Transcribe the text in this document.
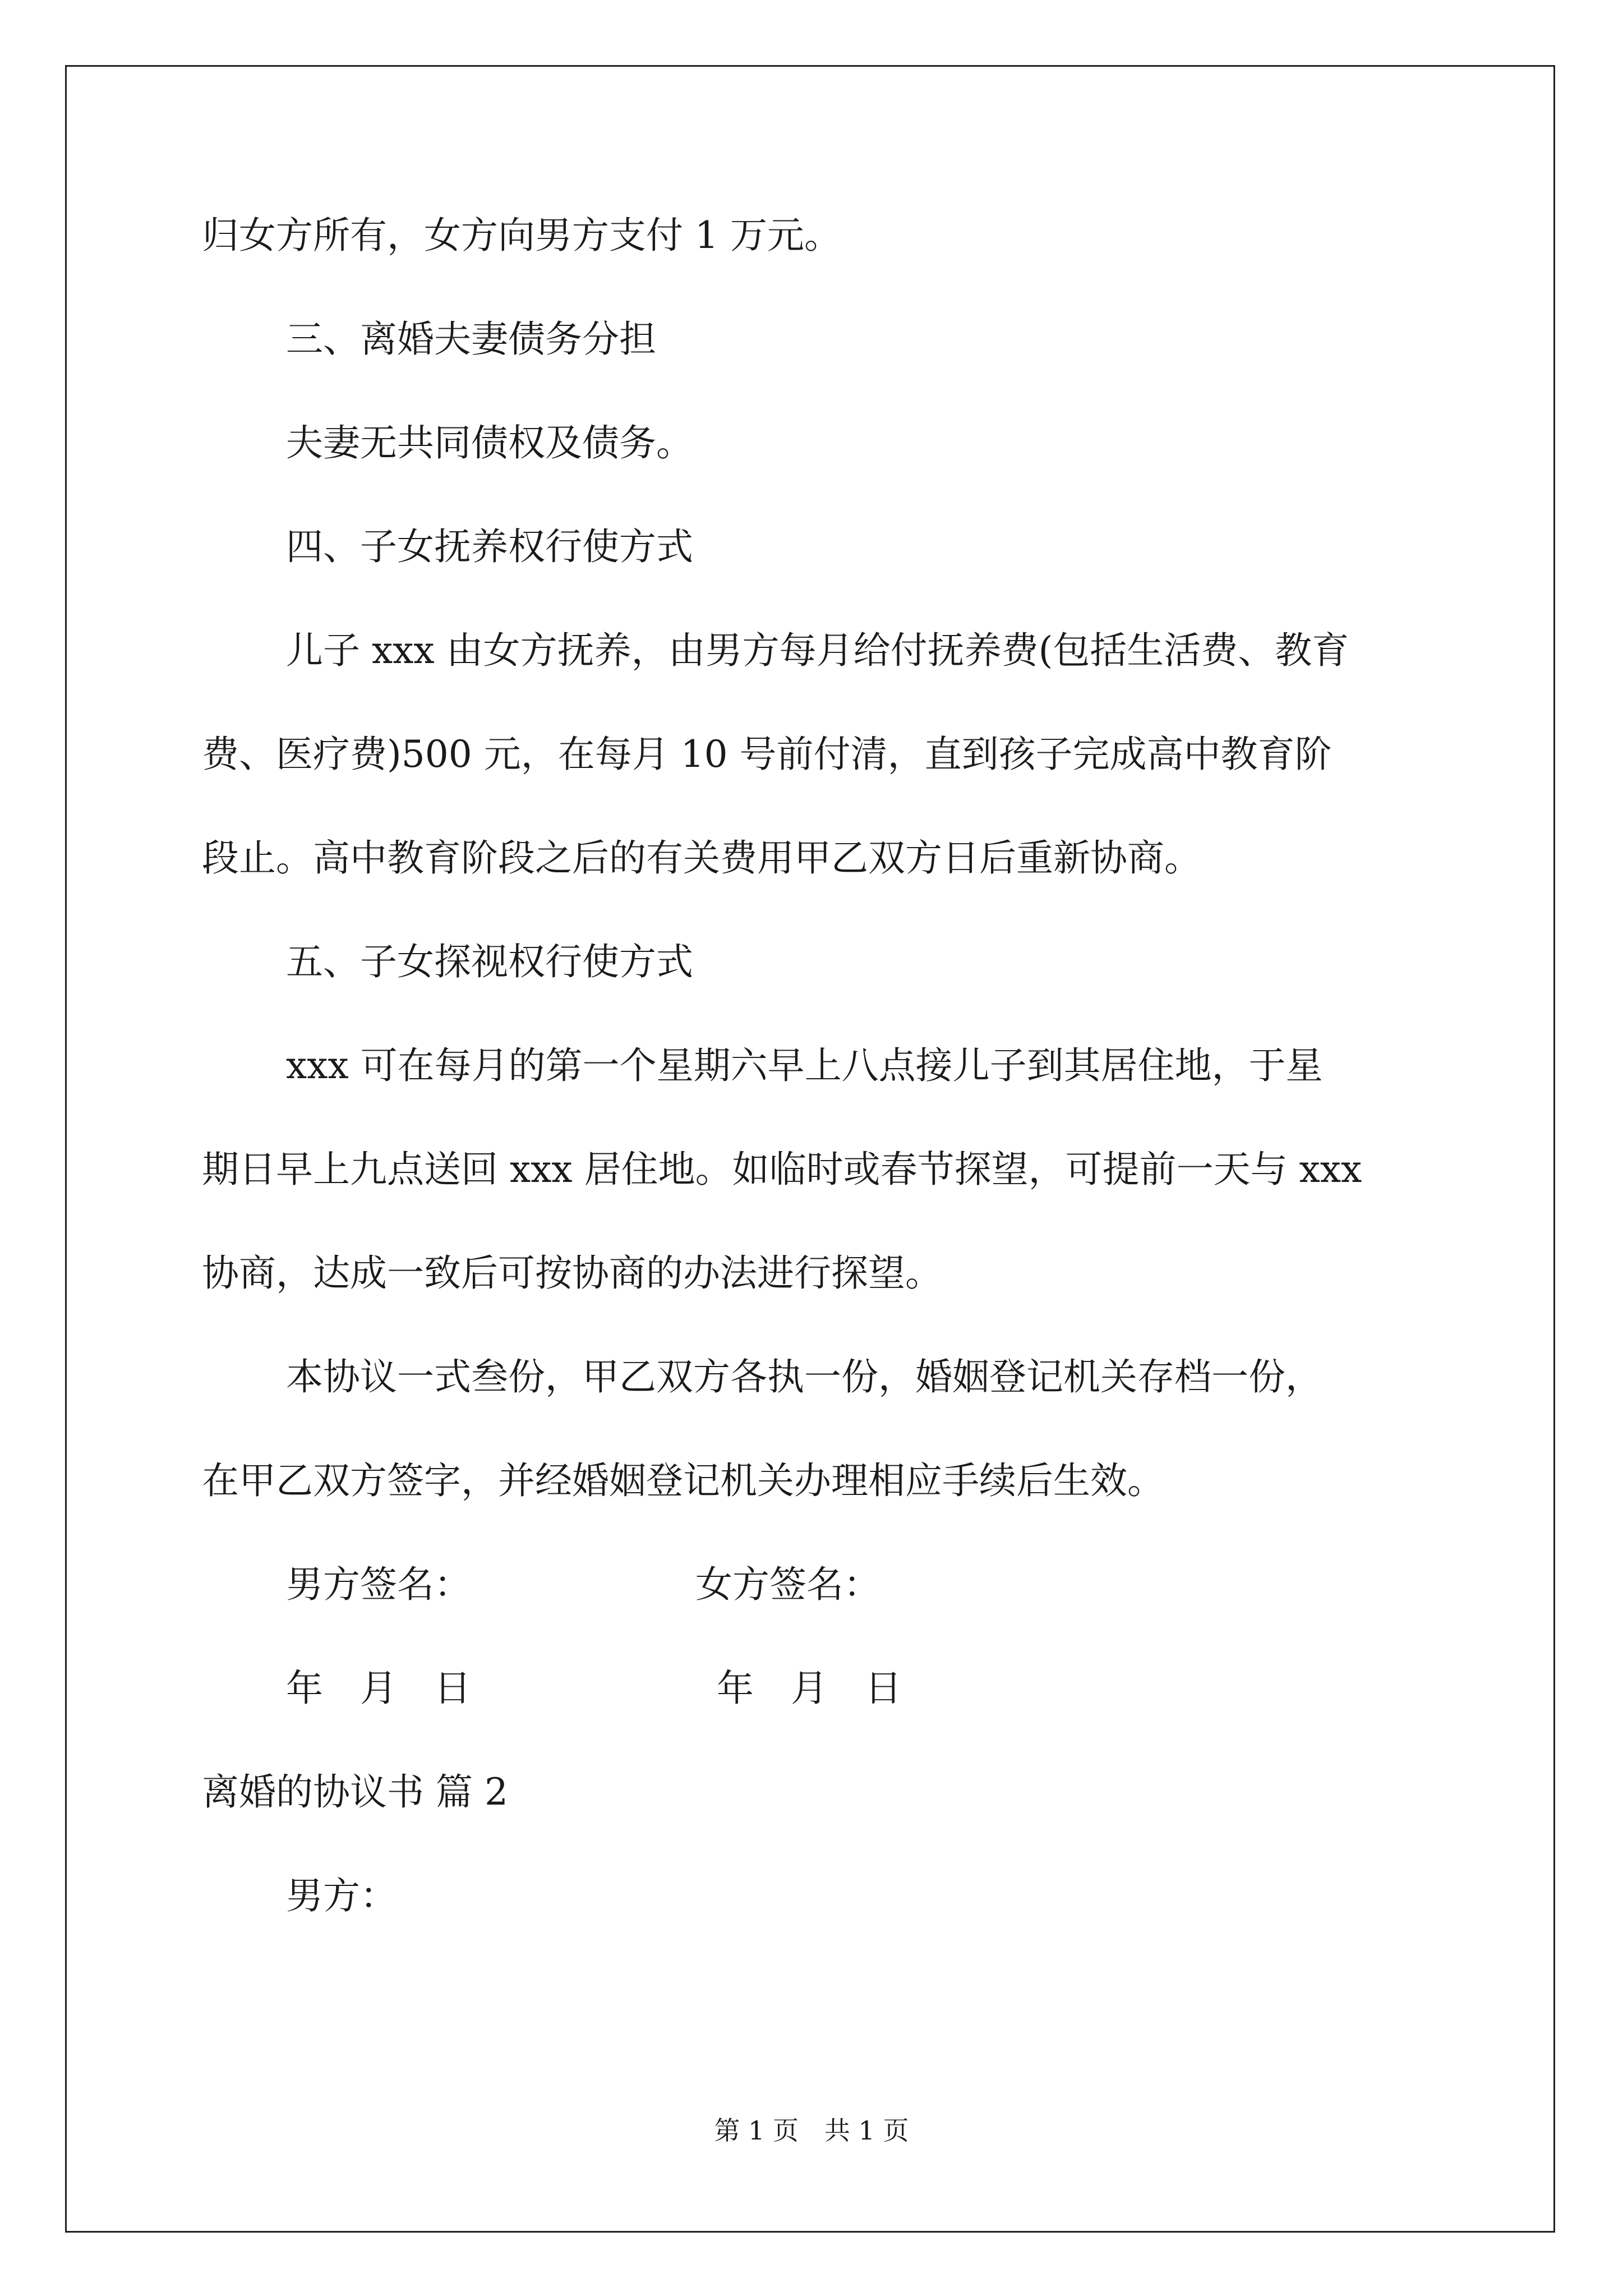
归女方所有，女方向男方支付 1 万元。
三、离婚夫妻债务分担
夫妻无共同债权及债务。
四、子女抚养权行使方式
儿子 xxx 由女方抚养，由男方每月给付抚养费(包括生活费、教育
费、医疗费)500 元，在每月 10 号前付清，直到孩子完成高中教育阶
段止。高中教育阶段之后的有关费用甲乙双方日后重新协商。
五、子女探视权行使方式
xxx 可在每月的第一个星期六早上八点接儿子到其居住地，于星
期日早上九点送回 xxx 居住地。如临时或春节探望，可提前一天与 xxx
协商，达成一致后可按协商的办法进行探望。
本协议一式叁份，甲乙双方各执一份，婚姻登记机关存档一份，
在甲乙双方签字，并经婚姻登记机关办理相应手续后生效。
男方签名：	女方签名：
年　月　日	年　月　日
离婚的协议书 篇 2
男方：
第 1 页　共 1 页
